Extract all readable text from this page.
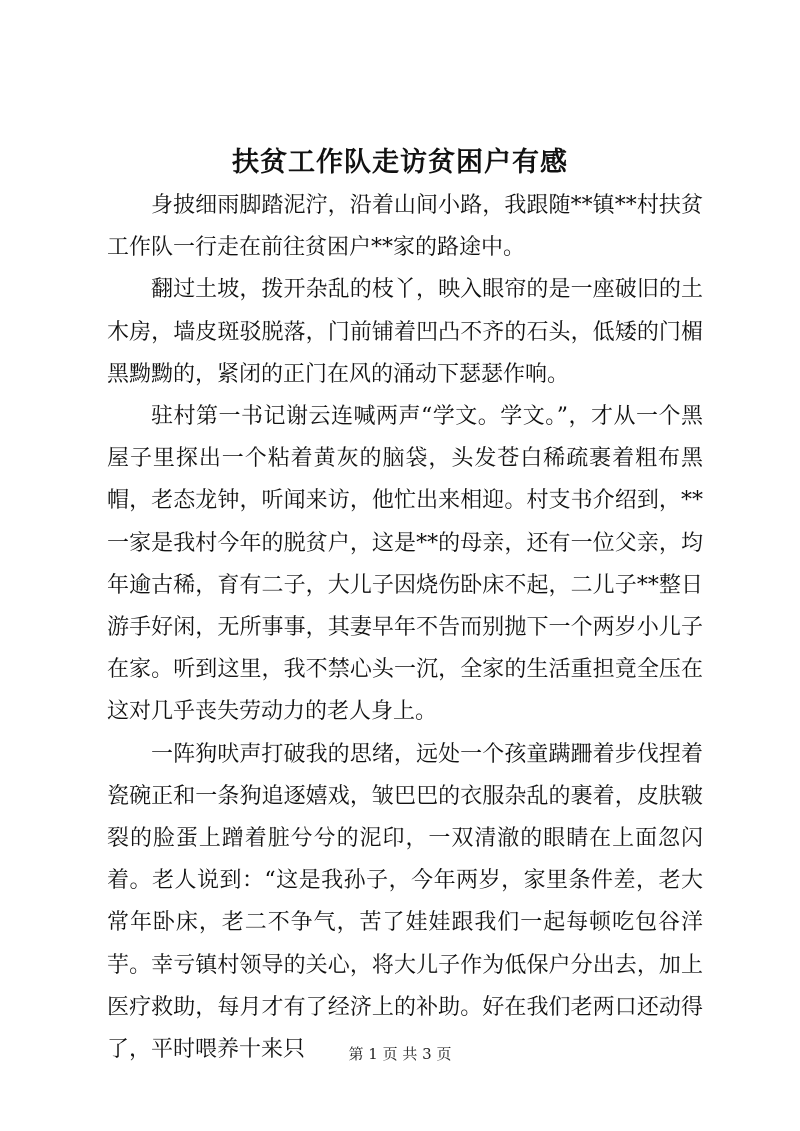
扶贫工作队走访贫困户有感

身披细雨脚踏泥泞，沿着山间小路，我跟随**镇**村扶贫工作队一行走在前往贫困户**家的路途中。

翻过土坡，拨开杂乱的枝丫，映入眼帘的是一座破旧的土木房，墙皮斑驳脱落，门前铺着凹凸不齐的石头，低矮的门楣黑黝黝的，紧闭的正门在风的涌动下瑟瑟作响。

驻村第一书记谢云连喊两声“学文。学文。”，才从一个黑屋子里探出一个粘着黄灰的脑袋，头发苍白稀疏裹着粗布黑帽，老态龙钟，听闻来访，他忙出来相迎。村支书介绍到，**一家是我村今年的脱贫户，这是**的母亲，还有一位父亲，均年逾古稀，育有二子，大儿子因烧伤卧床不起，二儿子**整日游手好闲，无所事事，其妻早年不告而别抛下一个两岁小儿子在家。听到这里，我不禁心头一沉，全家的生活重担竟全压在这对几乎丧失劳动力的老人身上。

一阵狗吠声打破我的思绪，远处一个孩童蹒跚着步伐捏着瓷碗正和一条狗追逐嬉戏，皱巴巴的衣服杂乱的裹着，皮肤皲裂的脸蛋上蹭着脏兮兮的泥印，一双清澈的眼睛在上面忽闪着。老人说到：“这是我孙子，今年两岁，家里条件差，老大常年卧床，老二不争气，苦了娃娃跟我们一起每顿吃包谷洋芋。幸亏镇村领导的关心，将大儿子作为低保户分出去，加上医疗救助，每月才有了经济上的补助。好在我们老两口还动得了，平时喂养十来只	第 1 页 共 3 页
